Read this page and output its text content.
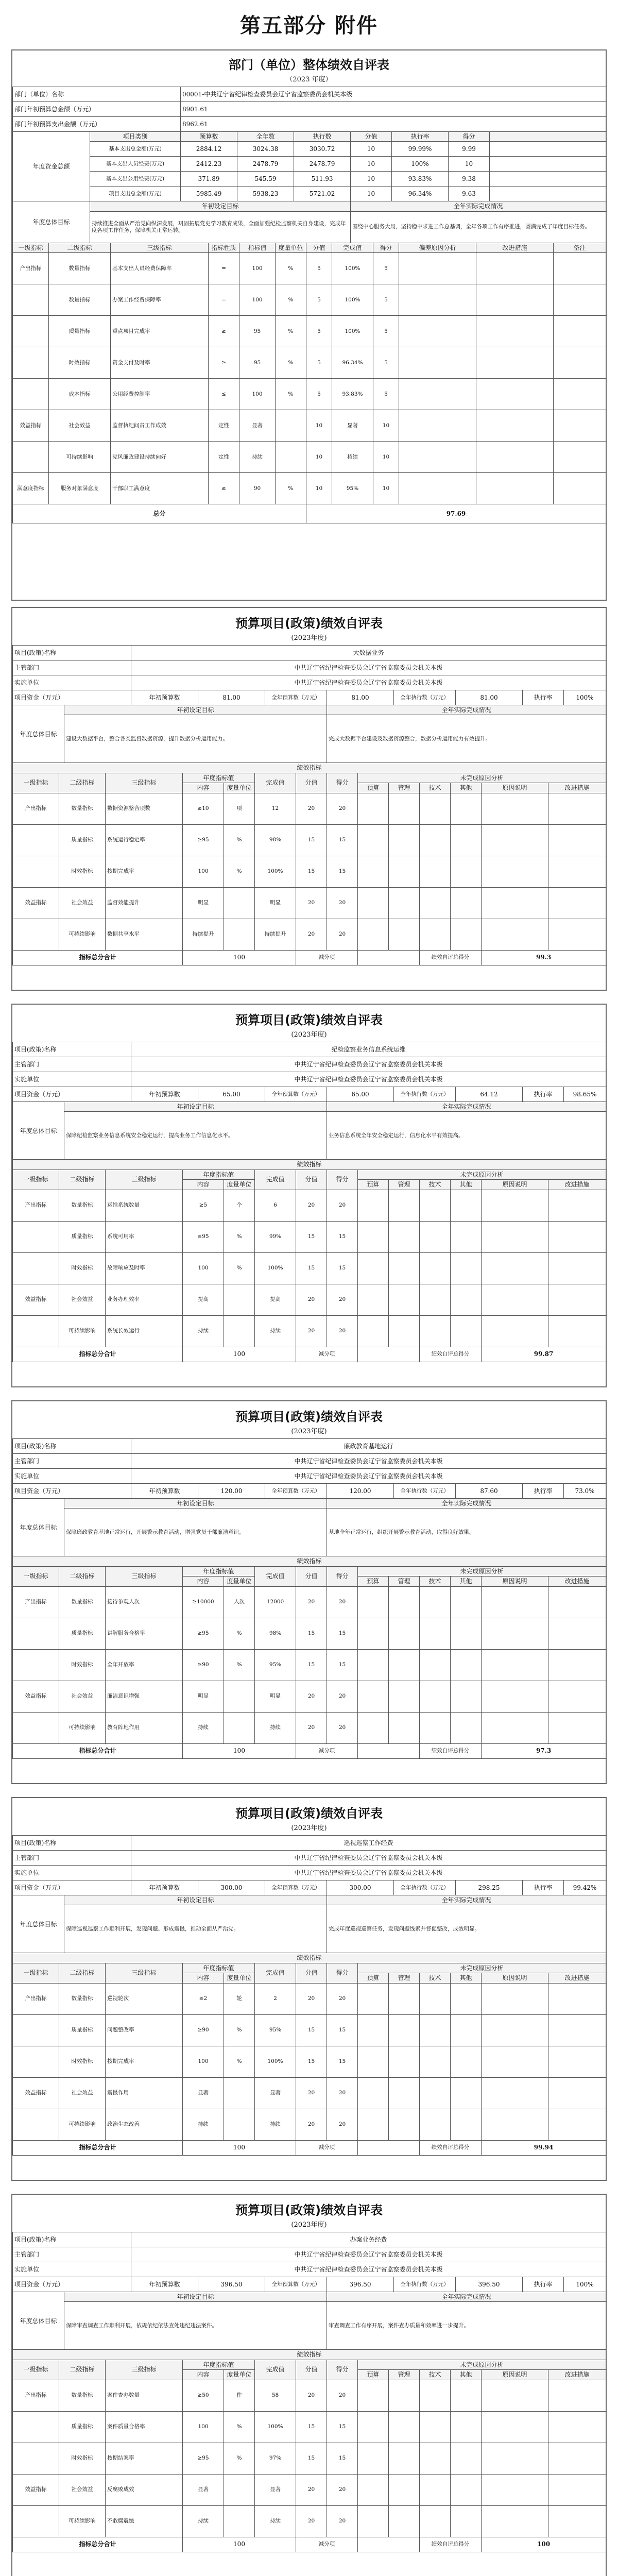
第五部分 附件
部门（单位）整体绩效自评表
（2023 年度）
部门（单位）名称		00001-中共辽宁省纪律检查委员会辽宁省监察委员会机关本级						
部门年初预算总金额（万元）		8901.61						
部门年初预算支出金额（万元）		8962.61						
年度资金总额	项目类别	预算数	全年数	执行数	分值	执行率	得分	
	基本支出总金额(万元)	2884.12	3024.38	3030.72	10	99.99%	9.99	
	基本支出人员经费(万元)	2412.23	2478.79	2478.79	10	100%	10	
	基本支出公用经费(万元)	371.89	545.59	511.93	10	93.83%	9.38	
	项目支出总金额(万元)	5985.49	5938.23	5721.02	10	96.34%	9.63	
年度总体目标	年初设定目标				全年实际完成情况			
	持续推进全面从严治党向纵深发展，巩固拓展党史学习教育成果，全面加强纪检监察机关自身建设，完成年度各项工作任务，保障机关正常运转。				围绕中心服务大局，坚持稳中求进工作总基调，全年各项工作有序推进，圆满完成了年度目标任务。			
一级指标	二级指标	三级指标	指标性质	指标值	度量单位	分值	完成值	得分	偏差原因分析	改进措施	备注
产出指标	数量指标	基本支出人员经费保障率	=	100	%	5	100%	5			
	数量指标	办案工作经费保障率	=	100	%	5	100%	5			
	质量指标	重点项目完成率	≥	95	%	5	100%	5			
	时效指标	资金支付及时率	≥	95	%	5	96.34%	5			
	成本指标	公用经费控制率	≤	100	%	5	93.83%	5			
效益指标	社会效益	监督执纪问责工作成效	定性	显著		10	显著	10			
	可持续影响	党风廉政建设持续向好	定性	持续		10	持续	10			
满意度指标	服务对象满意度	干部职工满意度	≥	90	%	10	95%	10			
总分						97.69					
预算项目(政策)绩效自评表
(2023年度)
项目(政策)名称		大数据业务							
主管部门		中共辽宁省纪律检查委员会辽宁省监察委员会机关本级							
实施单位		中共辽宁省纪律检查委员会辽宁省监察委员会机关本级							
项目资金（万元）		年初预算数	81.00	全年预算数（万元）	81.00	全年执行数（万元）	81.00	执行率	100%
年度总体目标	年初设定目标				全年实际完成情况				
	建设大数据平台，整合各类监督数据资源，提升数据分析运用能力。				完成大数据平台建设及数据资源整合，数据分析运用能力有效提升。				
绩效指标													
一级指标	二级指标	三级指标	年度指标值		完成值	分值	得分	未完成原因分析					
			内容	度量单位				预算	管理	技术	其他	原因说明	改进措施
产出指标	数量指标	数据资源整合项数	≥10	项	12	20	20						
	质量指标	系统运行稳定率	≥95	%	98%	15	15						
	时效指标	按期完成率	100	%	100%	15	15						
效益指标	社会效益	监督效能提升	明显		明显	20	20						
	可持续影响	数据共享水平	持续提升		持续提升	20	20						
指标总分合计			100			减分项				绩效自评总得分		99.3	
预算项目(政策)绩效自评表
(2023年度)
项目(政策)名称		纪检监察业务信息系统运维							
主管部门		中共辽宁省纪律检查委员会辽宁省监察委员会机关本级							
实施单位		中共辽宁省纪律检查委员会辽宁省监察委员会机关本级							
项目资金（万元）		年初预算数	65.00	全年预算数（万元）	65.00	全年执行数（万元）	64.12	执行率	98.65%
年度总体目标	年初设定目标				全年实际完成情况				
	保障纪检监察业务信息系统安全稳定运行，提高业务工作信息化水平。				业务信息系统全年安全稳定运行，信息化水平有效提高。				
绩效指标													
一级指标	二级指标	三级指标	年度指标值		完成值	分值	得分	未完成原因分析					
			内容	度量单位				预算	管理	技术	其他	原因说明	改进措施
产出指标	数量指标	运维系统数量	≥5	个	6	20	20						
	质量指标	系统可用率	≥95	%	99%	15	15						
	时效指标	故障响应及时率	100	%	100%	15	15						
效益指标	社会效益	业务办理效率	提高		提高	20	20						
	可持续影响	系统长效运行	持续		持续	20	20						
指标总分合计			100			减分项				绩效自评总得分		99.87	
预算项目(政策)绩效自评表
(2023年度)
项目(政策)名称		廉政教育基地运行							
主管部门		中共辽宁省纪律检查委员会辽宁省监察委员会机关本级							
实施单位		中共辽宁省纪律检查委员会辽宁省监察委员会机关本级							
项目资金（万元）		年初预算数	120.00	全年预算数（万元）	120.00	全年执行数（万元）	87.60	执行率	73.0%
年度总体目标	年初设定目标				全年实际完成情况				
	保障廉政教育基地正常运行，开展警示教育活动，增强党员干部廉洁意识。				基地全年正常运行，组织开展警示教育活动，取得良好效果。				
绩效指标													
一级指标	二级指标	三级指标	年度指标值		完成值	分值	得分	未完成原因分析					
			内容	度量单位				预算	管理	技术	其他	原因说明	改进措施
产出指标	数量指标	接待参观人次	≥10000	人次	12000	20	20						
	质量指标	讲解服务合格率	≥95	%	98%	15	15						
	时效指标	全年开放率	≥90	%	95%	15	15						
效益指标	社会效益	廉洁意识增强	明显		明显	20	20						
	可持续影响	教育阵地作用	持续		持续	20	20						
指标总分合计			100			减分项				绩效自评总得分		97.3	
预算项目(政策)绩效自评表
(2023年度)
项目(政策)名称		巡视巡察工作经费							
主管部门		中共辽宁省纪律检查委员会辽宁省监察委员会机关本级							
实施单位		中共辽宁省纪律检查委员会辽宁省监察委员会机关本级							
项目资金（万元）		年初预算数	300.00	全年预算数（万元）	300.00	全年执行数（万元）	298.25	执行率	99.42%
年度总体目标	年初设定目标				全年实际完成情况				
	保障巡视巡察工作顺利开展，发现问题、形成震慑，推动全面从严治党。				完成年度巡视巡察任务，发现问题线索并督促整改，成效明显。				
绩效指标													
一级指标	二级指标	三级指标	年度指标值		完成值	分值	得分	未完成原因分析					
			内容	度量单位				预算	管理	技术	其他	原因说明	改进措施
产出指标	数量指标	巡视轮次	≥2	轮	2	20	20						
	质量指标	问题整改率	≥90	%	95%	15	15						
	时效指标	按期完成率	100	%	100%	15	15						
效益指标	社会效益	震慑作用	显著		显著	20	20						
	可持续影响	政治生态改善	持续		持续	20	20						
指标总分合计			100			减分项				绩效自评总得分		99.94	
预算项目(政策)绩效自评表
(2023年度)
项目(政策)名称		办案业务经费							
主管部门		中共辽宁省纪律检查委员会辽宁省监察委员会机关本级							
实施单位		中共辽宁省纪律检查委员会辽宁省监察委员会机关本级							
项目资金（万元）		年初预算数	396.50	全年预算数（万元）	396.50	全年执行数（万元）	396.50	执行率	100%
年度总体目标	年初设定目标				全年实际完成情况				
	保障审查调查工作顺利开展，依规依纪依法查处违纪违法案件。				审查调查工作有序开展，案件查办质量和效率进一步提升。				
绩效指标													
一级指标	二级指标	三级指标	年度指标值		完成值	分值	得分	未完成原因分析					
			内容	度量单位				预算	管理	技术	其他	原因说明	改进措施
产出指标	数量指标	案件查办数量	≥50	件	58	20	20						
	质量指标	案件质量合格率	100	%	100%	15	15						
	时效指标	按期结案率	≥95	%	97%	15	15						
效益指标	社会效益	反腐败成效	显著		显著	20	20						
	可持续影响	不敢腐震慑	持续		持续	20	20						
指标总分合计			100			减分项				绩效自评总得分		100	
